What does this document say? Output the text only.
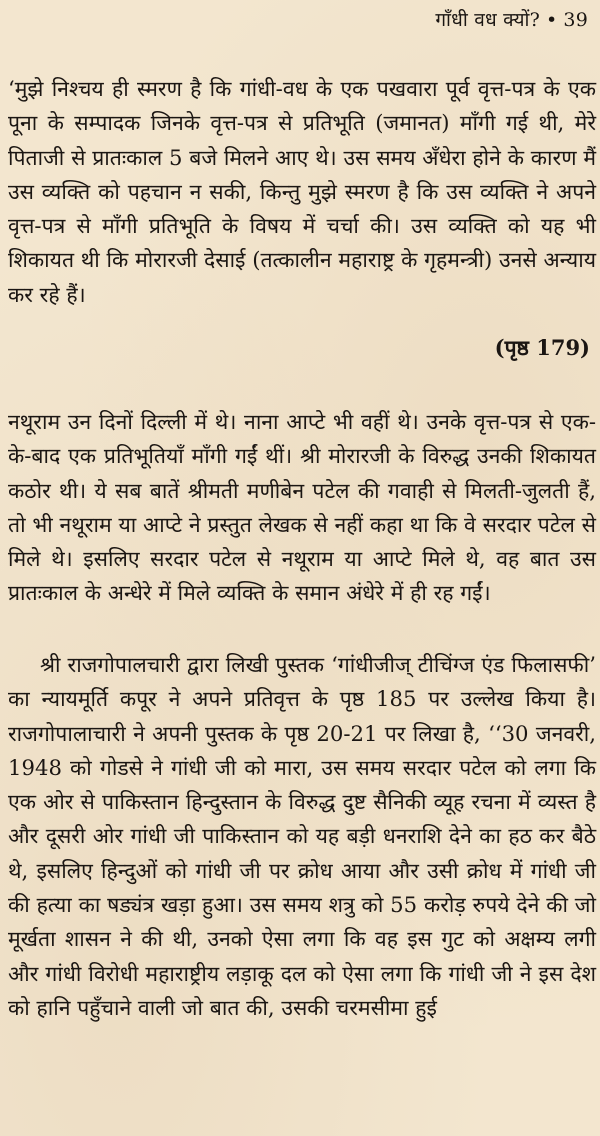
गाँधी वध क्यों? • 39

‘मुझे निश्चय ही स्मरण है कि गांधी-वध के एक पखवारा पूर्व वृत्त-पत्र के एक पूना के सम्पादक जिनके वृत्त-पत्र से प्रतिभूति (जमानत) माँगी गई थी, मेरे पिताजी से प्रातःकाल 5 बजे मिलने आए थे। उस समय अँधेरा होने के कारण मैं उस व्यक्ति को पहचान न सकी, किन्तु मुझे स्मरण है कि उस व्यक्ति ने अपने वृत्त-पत्र से माँगी प्रतिभूति के विषय में चर्चा की। उस व्यक्ति को यह भी शिकायत थी कि मोरारजी देसाई (तत्कालीन महाराष्ट्र के गृहमन्त्री) उनसे अन्याय कर रहे हैं।

(पृष्ठ 179)

नथूराम उन दिनों दिल्ली में थे। नाना आप्टे भी वहीं थे। उनके वृत्त-पत्र से एक-के-बाद एक प्रतिभूतियाँ माँगी गईं थीं। श्री मोरारजी के विरुद्ध उनकी शिकायत कठोर थी। ये सब बातें श्रीमती मणीबेन पटेल की गवाही से मिलती-जुलती हैं, तो भी नथूराम या आप्टे ने प्रस्तुत लेखक से नहीं कहा था कि वे सरदार पटेल से मिले थे। इसलिए सरदार पटेल से नथूराम या आप्टे मिले थे, वह बात उस प्रातःकाल के अन्धेरे में मिले व्यक्ति के समान अंधेरे में ही रह गईं।

श्री राजगोपालचारी द्वारा लिखी पुस्तक ‘गांधीजीज् टीचिंग्ज एंड फिलासफी’ का न्यायमूर्ति कपूर ने अपने प्रतिवृत्त के पृष्ठ 185 पर उल्लेख किया है। राजगोपालाचारी ने अपनी पुस्तक के पृष्ठ 20-21 पर लिखा है, ‘‘30 जनवरी, 1948 को गोडसे ने गांधी जी को मारा, उस समय सरदार पटेल को लगा कि एक ओर से पाकिस्तान हिन्दुस्तान के विरुद्ध दुष्ट सैनिकी व्यूह रचना में व्यस्त है और दूसरी ओर गांधी जी पाकिस्तान को यह बड़ी धनराशि देने का हठ कर बैठे थे, इसलिए हिन्दुओं को गांधी जी पर क्रोध आया और उसी क्रोध में गांधी जी की हत्या का षड्यंत्र खड़ा हुआ। उस समय शत्रु को 55 करोड़ रुपये देने की जो मूर्खता शासन ने की थी, उनको ऐसा लगा कि वह इस गुट को अक्षम्य लगी और गांधी विरोधी महाराष्ट्रीय लड़ाकू दल को ऐसा लगा कि गांधी जी ने इस देश को हानि पहुँचाने वाली जो बात की, उसकी चरमसीमा हुई
